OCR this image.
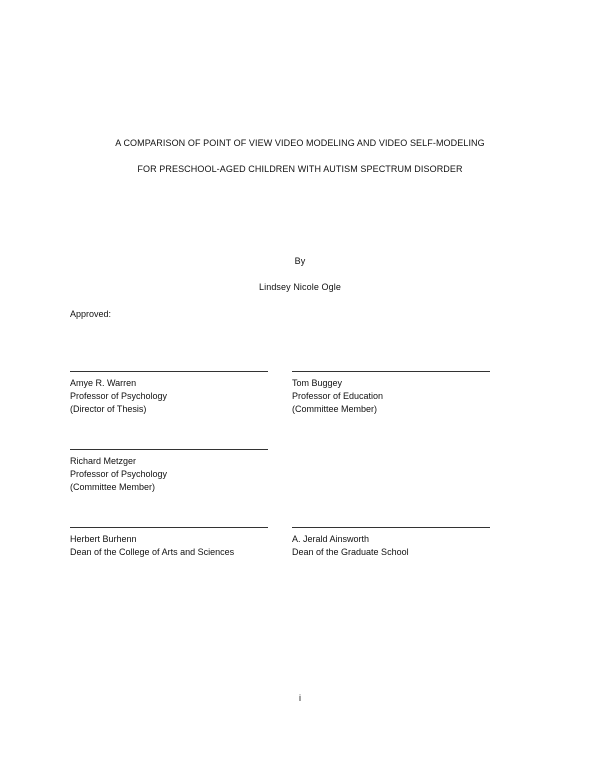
A COMPARISON OF POINT OF VIEW VIDEO MODELING AND VIDEO SELF-MODELING
FOR PRESCHOOL-AGED CHILDREN WITH AUTISM SPECTRUM DISORDER
By
Lindsey Nicole Ogle
Approved:
Amye R. Warren
Professor of Psychology
(Director of Thesis)
Tom Buggey
Professor of Education
(Committee Member)
Richard Metzger
Professor of Psychology
(Committee Member)
Herbert Burhenn
Dean of the College of Arts and Sciences
A. Jerald Ainsworth
Dean of the Graduate School
i
